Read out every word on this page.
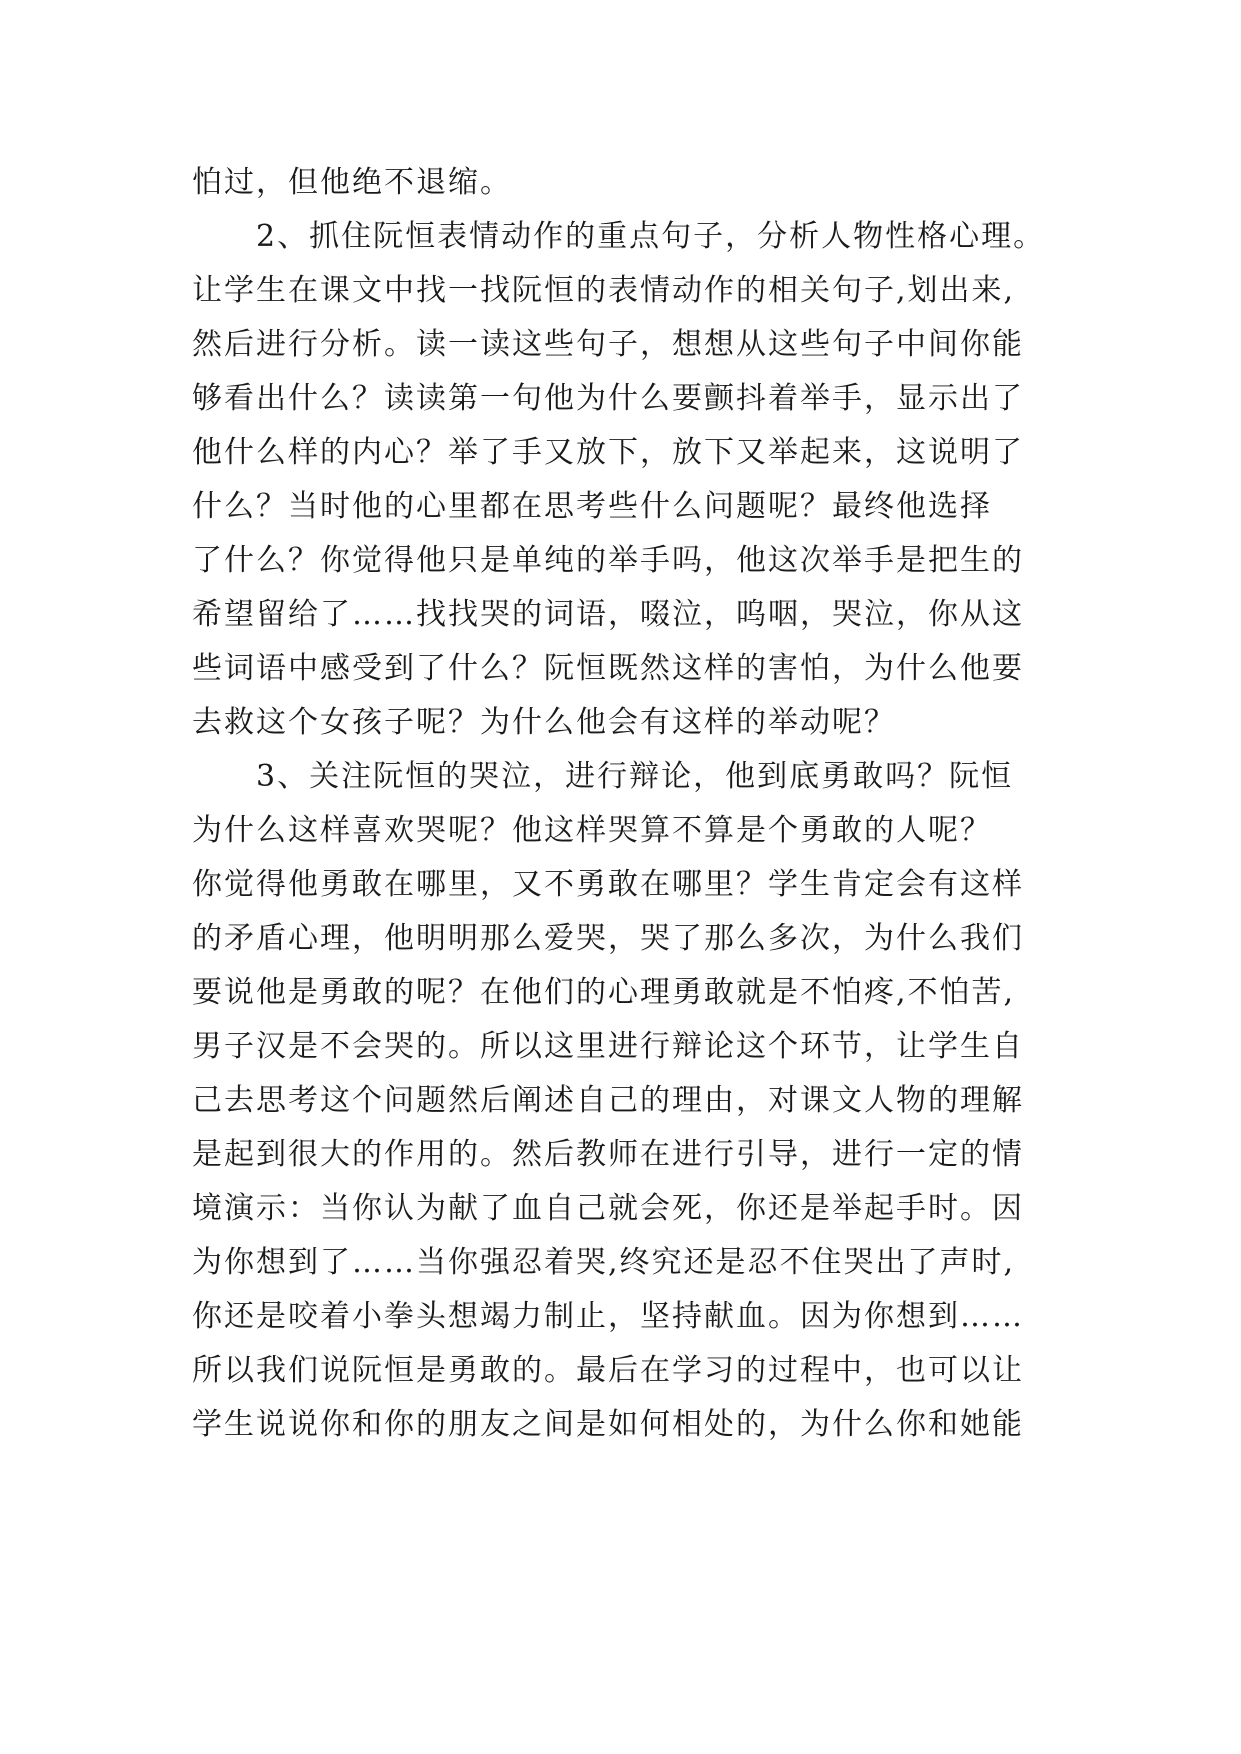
怕过，但他绝不退缩。
　　2、抓住阮恒表情动作的重点句子，分析人物性格心理。
让学生在课文中找一找阮恒的表情动作的相关句子,划出来,
然后进行分析。读一读这些句子，想想从这些句子中间你能
够看出什么？读读第一句他为什么要颤抖着举手，显示出了
他什么样的内心？举了手又放下，放下又举起来，这说明了
什么？当时他的心里都在思考些什么问题呢？最终他选择
了什么？你觉得他只是单纯的举手吗，他这次举手是把生的
希望留给了……找找哭的词语，啜泣，呜咽，哭泣，你从这
些词语中感受到了什么？阮恒既然这样的害怕，为什么他要
去救这个女孩子呢？为什么他会有这样的举动呢？
　　3、关注阮恒的哭泣，进行辩论，他到底勇敢吗？阮恒
为什么这样喜欢哭呢？他这样哭算不算是个勇敢的人呢？
你觉得他勇敢在哪里，又不勇敢在哪里？学生肯定会有这样
的矛盾心理，他明明那么爱哭，哭了那么多次，为什么我们
要说他是勇敢的呢？在他们的心理勇敢就是不怕疼,不怕苦,
男子汉是不会哭的。所以这里进行辩论这个环节，让学生自
己去思考这个问题然后阐述自己的理由，对课文人物的理解
是起到很大的作用的。然后教师在进行引导，进行一定的情
境演示：当你认为献了血自己就会死，你还是举起手时。因
为你想到了……当你强忍着哭,终究还是忍不住哭出了声时,
你还是咬着小拳头想竭力制止，坚持献血。因为你想到……
所以我们说阮恒是勇敢的。最后在学习的过程中，也可以让
学生说说你和你的朋友之间是如何相处的，为什么你和她能
